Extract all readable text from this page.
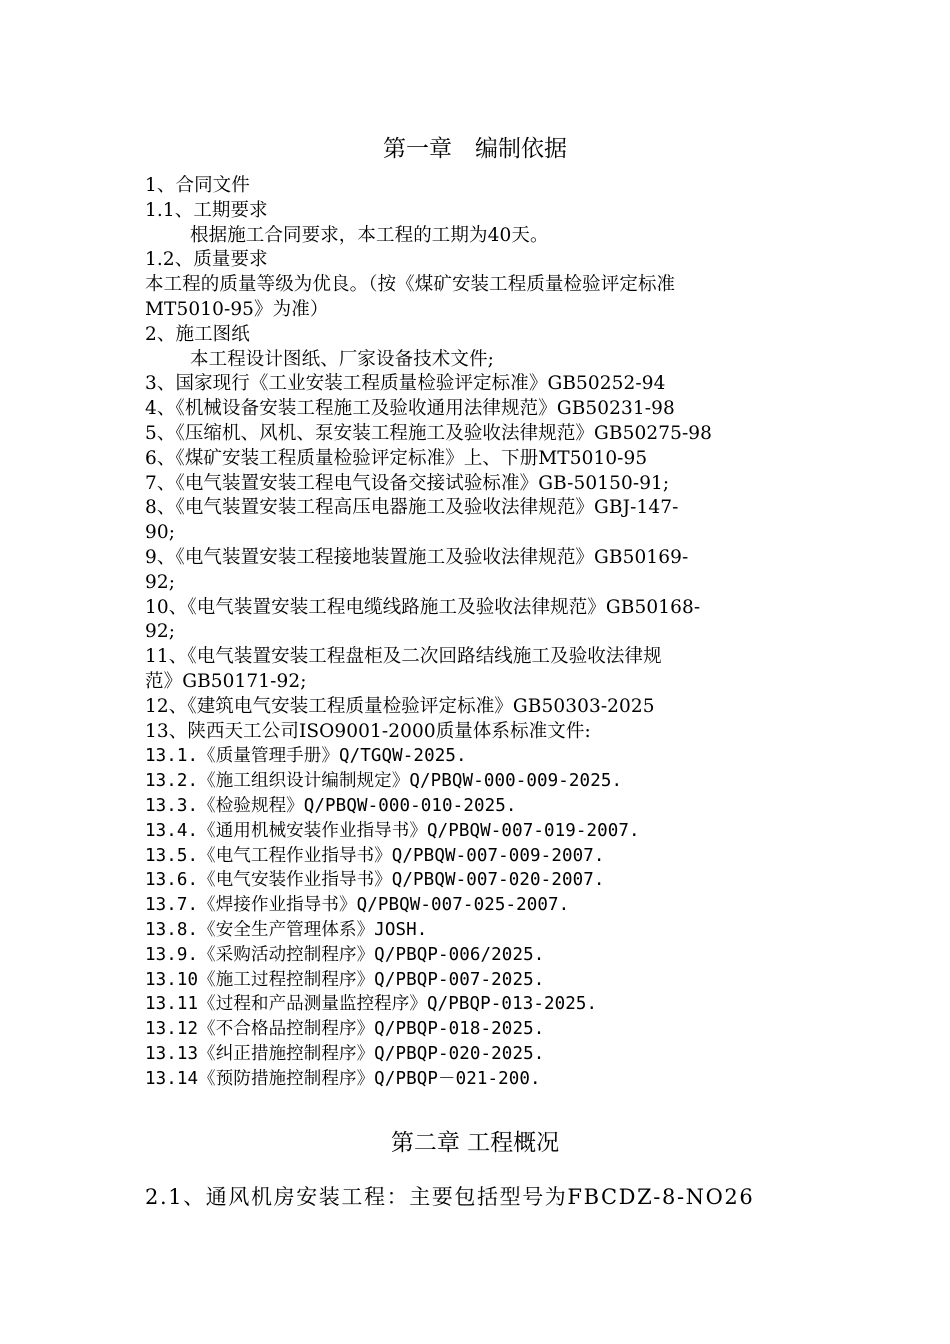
第一章　编制依据
1、合同文件
1.1、工期要求
根据施工合同要求，本工程的工期为40天。
1.2、质量要求
本工程的质量等级为优良。（按《煤矿安装工程质量检验评定标准
MT5010-95》为准）
2、施工图纸
本工程设计图纸、厂家设备技术文件;
3、国家现行《工业安装工程质量检验评定标准》GB50252-94
4、《机械设备安装工程施工及验收通用法律规范》GB50231-98
5、《压缩机、风机、泵安装工程施工及验收法律规范》GB50275-98
6、《煤矿安装工程质量检验评定标准》上、下册MT5010-95
7、《电气装置安装工程电气设备交接试验标准》GB-50150-91;
8、《电气装置安装工程高压电器施工及验收法律规范》GBJ-147-
90;
9、《电气装置安装工程接地装置施工及验收法律规范》GB50169-
92;
10、《电气装置安装工程电缆线路施工及验收法律规范》GB50168-
92;
11、《电气装置安装工程盘柜及二次回路结线施工及验收法律规
范》GB50171-92;
12、《建筑电气安装工程质量检验评定标准》GB50303-2025
13、陕西天工公司ISO9001-2000质量体系标准文件:
13.1.《质量管理手册》Q/TGQW-2025.
13.2.《施工组织设计编制规定》Q/PBQW-000-009-2025.
13.3.《检验规程》Q/PBQW-000-010-2025.
13.4.《通用机械安装作业指导书》Q/PBQW-007-019-2007.
13.5.《电气工程作业指导书》Q/PBQW-007-009-2007.
13.6.《电气安装作业指导书》Q/PBQW-007-020-2007.
13.7.《焊接作业指导书》Q/PBQW-007-025-2007.
13.8.《安全生产管理体系》JOSH.
13.9.《采购活动控制程序》Q/PBQP-006/2025.
13.10《施工过程控制程序》Q/PBQP-007-2025.
13.11《过程和产品测量监控程序》Q/PBQP-013-2025.
13.12《不合格品控制程序》Q/PBQP-018-2025.
13.13《纠正措施控制程序》Q/PBQP-020-2025.
13.14《预防措施控制程序》Q/PBQP－021-200.
第二章 工程概况
2.1、通风机房安装工程：主要包括型号为FBCDZ-8-NO26
